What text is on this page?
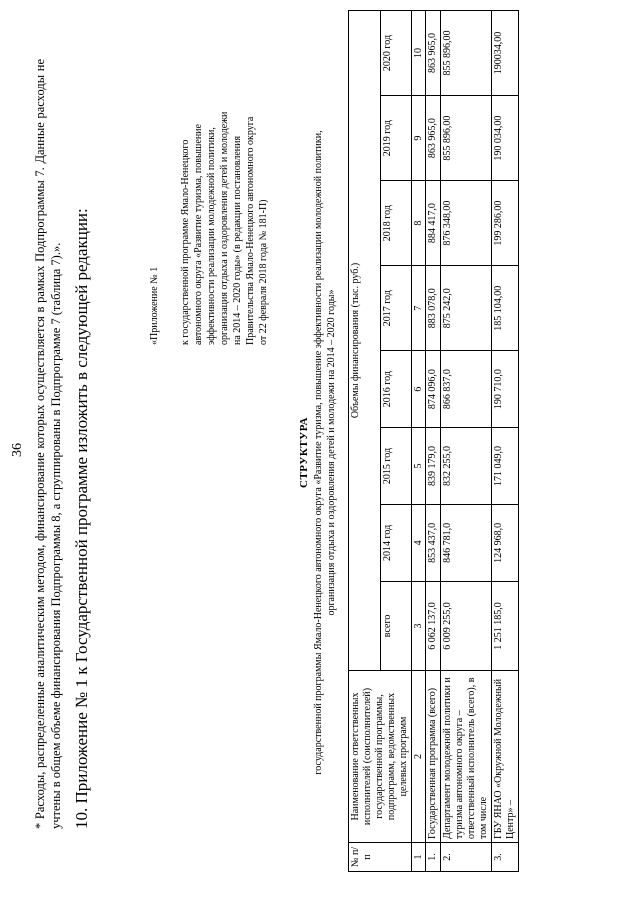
36 * Расходы, распределенные аналитическим методом, финансирование которых осуществляется в рамках Подпрограммы 7. Данные расходы не учтены в общем объеме финансирования Подпрограммы 8, а сгруппированы в Подпрограмме 7 (таблица 7).». 10. Приложение № 1 к Государственной программе изложить в следующей редакции:	«Приложение № 1 к государственной программе Ямало-Ненецкого автономного округа «Развитие туризма, повышение эффективности реализации молодежной политики, организация отдыха и оздоровления детей и молодежи на 2014 – 2020 годы» (в редакции постановления Правительства Ямало-Ненецкого автономного округа от 22 февраля 2018 года № 181-П)
СТРУКТУРА государственной программы Ямало-Ненецкого автономного округа «Развитие туризма, повышение эффективности реализации молодежной политики, организация отдыха и оздоровления детей и молодежи на 2014 – 2020 годы»
№ п/п	Наименование ответственных исполнителей (соисполнителей) государственной программы, подпрограмм, ведомственных целевых программ	Объемы финансирования (тыс. руб.)							
		всего	2014 год	2015 год	2016 год	2017 год	2018 год	2019 год	2020 год
1	2	3	4	5	6	7	8	9	10
1.	Государственная программа (всего)	6 062 137,0	853 437,0	839 179,0	874 096,0	883 078,0	884 417,0	863 965,0	863 965,0
2.	Департамент молодежной политики и туризма автономного округа – ответственный исполнитель (всего), в том числе	6 009 255,0	846 781,0	832 255,0	866 837,0	875 242,0	876 348,00	855 896,00	855 896,00
3.	ГБУ ЯНАО «Окружной Молодежный Центр» –	1 251 185,0	124 968,0	171 049,0	190 710,0	185 104,00	199 286,00	190 034,00	190034,00
